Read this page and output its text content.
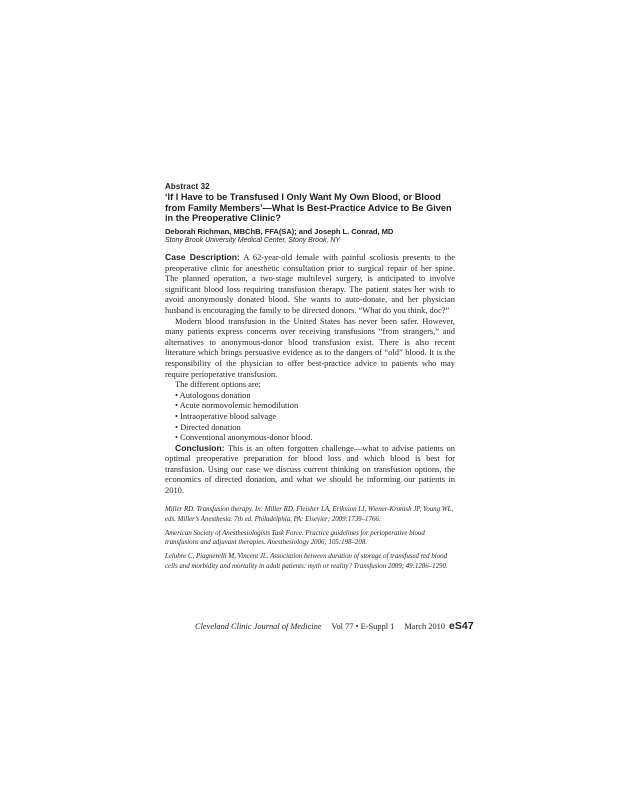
Abstract 32
‘If I Have to be Transfused I Only Want My Own Blood, or Blood from Family Members’—What Is Best-Practice Advice to Be Given in the Preoperative Clinic?
Deborah Richman, MBChB, FFA(SA); and Joseph L. Conrad, MD
Stony Brook University Medical Center, Stony Brook, NY

Case Description: A 62-year-old female with painful scoliosis presents to the preoperative clinic for anesthetic consultation prior to surgical repair of her spine. The planned operation, a two-stage multilevel surgery, is anticipated to involve significant blood loss requiring transfusion therapy. The patient states her wish to avoid anonymously donated blood. She wants to auto-donate, and her physician husband is encouraging the family to be directed donors. “What do you think, doc?”

Modern blood transfusion in the United States has never been safer. However, many patients express concerns over receiving transfusions “from strangers,” and alternatives to anonymous-donor blood transfusion exist. There is also recent literature which brings persuasive evidence as to the dangers of “old” blood. It is the responsibility of the physician to offer best-practice advice to patients who may require perioperative transfusion.

The different options are:

• Autologous donation
• Acute normovolemic hemodilution
• Intraoperative blood salvage
• Directed donation
• Conventional anonymous-donor blood.

Conclusion: This is an often forgotten challenge—what to advise patients on optimal preoperative preparation for blood loss and which blood is best for transfusion. Using our case we discuss current thinking on transfusion options, the economics of directed donation, and what we should be informing our patients in 2010.

Miller RD. Transfusion therapy. In: Miller RD, Fleisher LA, Eriksson LI, Wiener-Kronish JP, Young WL, eds. Miller’s Anesthesia. 7th ed. Philadelphia, PA: Elsevier; 2009:1739–1766.

American Society of Anesthesiologists Task Force. Practice guidelines for perioperative blood transfusions and adjuvant therapies. Anesthesiology 2006; 105:198–208.

Lelubre C, Piagnerelli M, Vincent JL. Association between duration of storage of transfused red blood cells and morbidity and mortality in adult patients: myth or reality? Transfusion 2009; 49:1286–1290.

Cleveland Clinic Journal of Medicine Vol 77 • E-Suppl 1 March 2010 eS47
